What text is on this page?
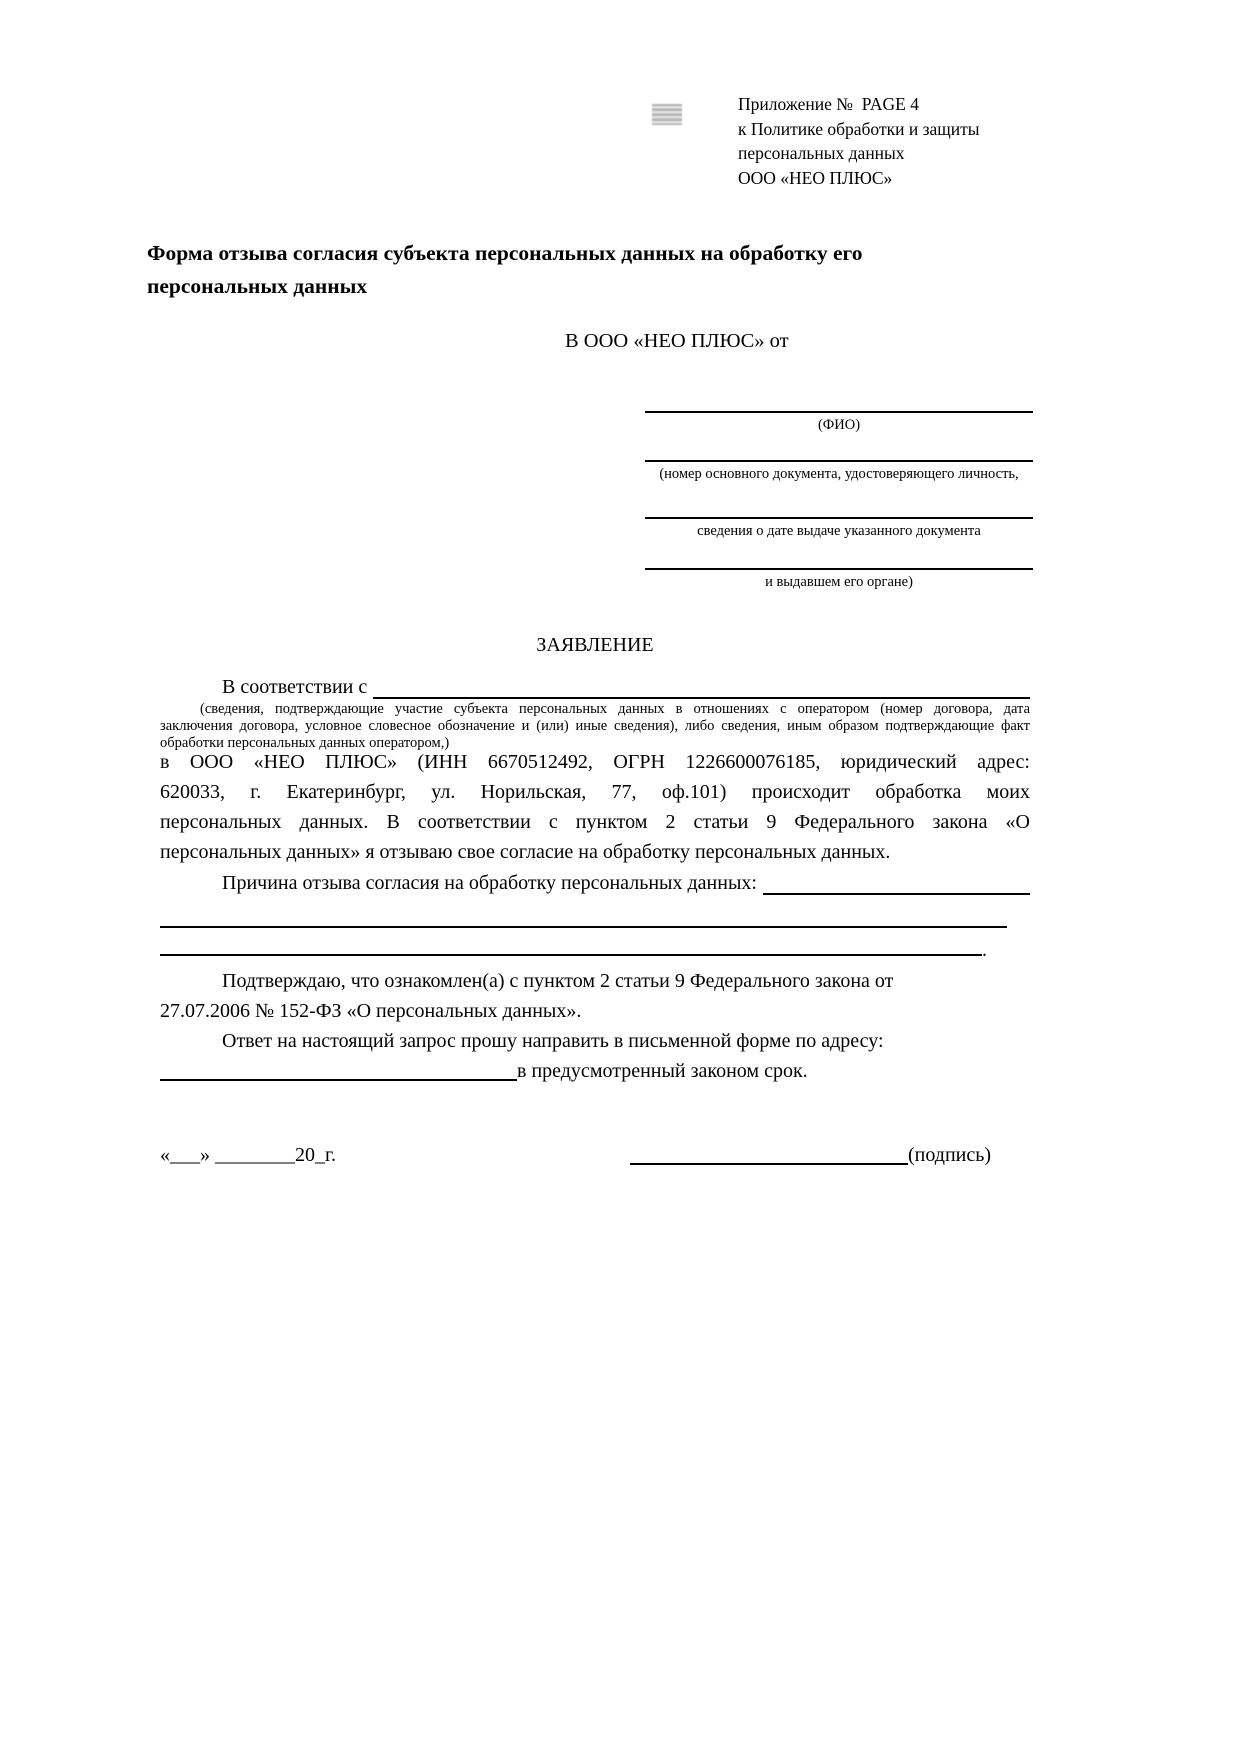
Приложение №  PAGE 4
к Политике обработки и защиты
персональных данных
ООО «НЕО ПЛЮС»
Форма отзыва согласия субъекта персональных данных на обработку его
персональных данных
В ООО «НЕО ПЛЮС» от
(ФИО)
(номер основного документа, удостоверяющего личность,
сведения о дате выдаче указанного документа
и выдавшем его органе)
ЗАЯВЛЕНИЕ
В соответствии с
(сведения, подтверждающие участие субъекта персональных данных в отношениях с оператором (номер договора, дата
заключения договора, условное словесное обозначение и (или) иные сведения), либо сведения, иным образом подтверждающие факт
обработки персональных данных оператором,)
в ООО «НЕО ПЛЮС» (ИНН 6670512492, ОГРН 1226600076185, юридический адрес:
620033, г. Екатеринбург, ул. Норильская, 77, оф.101) происходит обработка моих
персональных данных. В соответствии с пунктом 2 статьи 9 Федерального закона «О
персональных данных» я отзываю свое согласие на обработку персональных данных.
Причина отзыва согласия на обработку персональных данных:
.
Подтверждаю, что ознакомлен(а) с пунктом 2 статьи 9 Федерального закона от
27.07.2006 № 152-ФЗ «О персональных данных».
Ответ на настоящий запрос прошу направить в письменной форме по адресу:
в предусмотренный законом срок.
«___» ________20_г.	(подпись)
